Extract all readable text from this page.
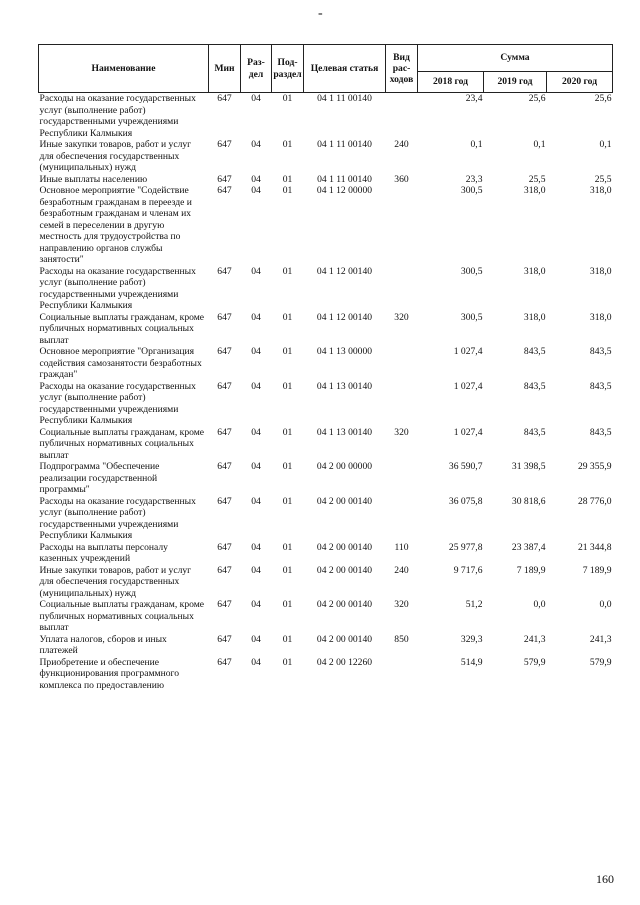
-
Наименование	Мин	Раз-дел	Под-раздел	Целевая статья	Вид рас-ходов	Сумма		
						2018 год	2019 год	2020 год
Расходы на оказание государственных услуг (выполнение работ) государственными учреждениями Республики Калмыкия	647	04	01	04 1 11 00140		23,4	25,6	25,6
Иные закупки товаров, работ и услуг для обеспечения государственных (муниципальных) нужд	647	04	01	04 1 11 00140	240	0,1	0,1	0,1
Иные выплаты населению	647	04	01	04 1 11 00140	360	23,3	25,5	25,5
Основное мероприятие "Содействие безработным гражданам в переезде и безработным гражданам и членам их семей в переселении в другую местность для трудоустройства по направлению органов службы занятости"	647	04	01	04 1 12 00000		300,5	318,0	318,0
Расходы на оказание государственных услуг (выполнение работ) государственными учреждениями Республики Калмыкия	647	04	01	04 1 12 00140		300,5	318,0	318,0
Социальные выплаты гражданам, кроме публичных нормативных социальных выплат	647	04	01	04 1 12 00140	320	300,5	318,0	318,0
Основное мероприятие "Организация содействия самозанятости безработных граждан"	647	04	01	04 1 13 00000		1 027,4	843,5	843,5
Расходы на оказание государственных услуг (выполнение работ) государственными учреждениями Республики Калмыкия	647	04	01	04 1 13 00140		1 027,4	843,5	843,5
Социальные выплаты гражданам, кроме публичных нормативных социальных выплат	647	04	01	04 1 13 00140	320	1 027,4	843,5	843,5
Подпрограмма "Обеспечение реализации государственной программы"	647	04	01	04 2 00 00000		36 590,7	31 398,5	29 355,9
Расходы на оказание государственных услуг (выполнение работ) государственными учреждениями Республики Калмыкия	647	04	01	04 2 00 00140		36 075,8	30 818,6	28 776,0
Расходы на выплаты персоналу казенных учреждений	647	04	01	04 2 00 00140	110	25 977,8	23 387,4	21 344,8
Иные закупки товаров, работ и услуг для обеспечения государственных (муниципальных) нужд	647	04	01	04 2 00 00140	240	9 717,6	7 189,9	7 189,9
Социальные выплаты гражданам, кроме публичных нормативных социальных выплат	647	04	01	04 2 00 00140	320	51,2	0,0	0,0
Уплата налогов, сборов и иных платежей	647	04	01	04 2 00 00140	850	329,3	241,3	241,3
Приобретение и обеспечение функционирования программного комплекса по предоставлению	647	04	01	04 2 00 12260		514,9	579,9	579,9
160
